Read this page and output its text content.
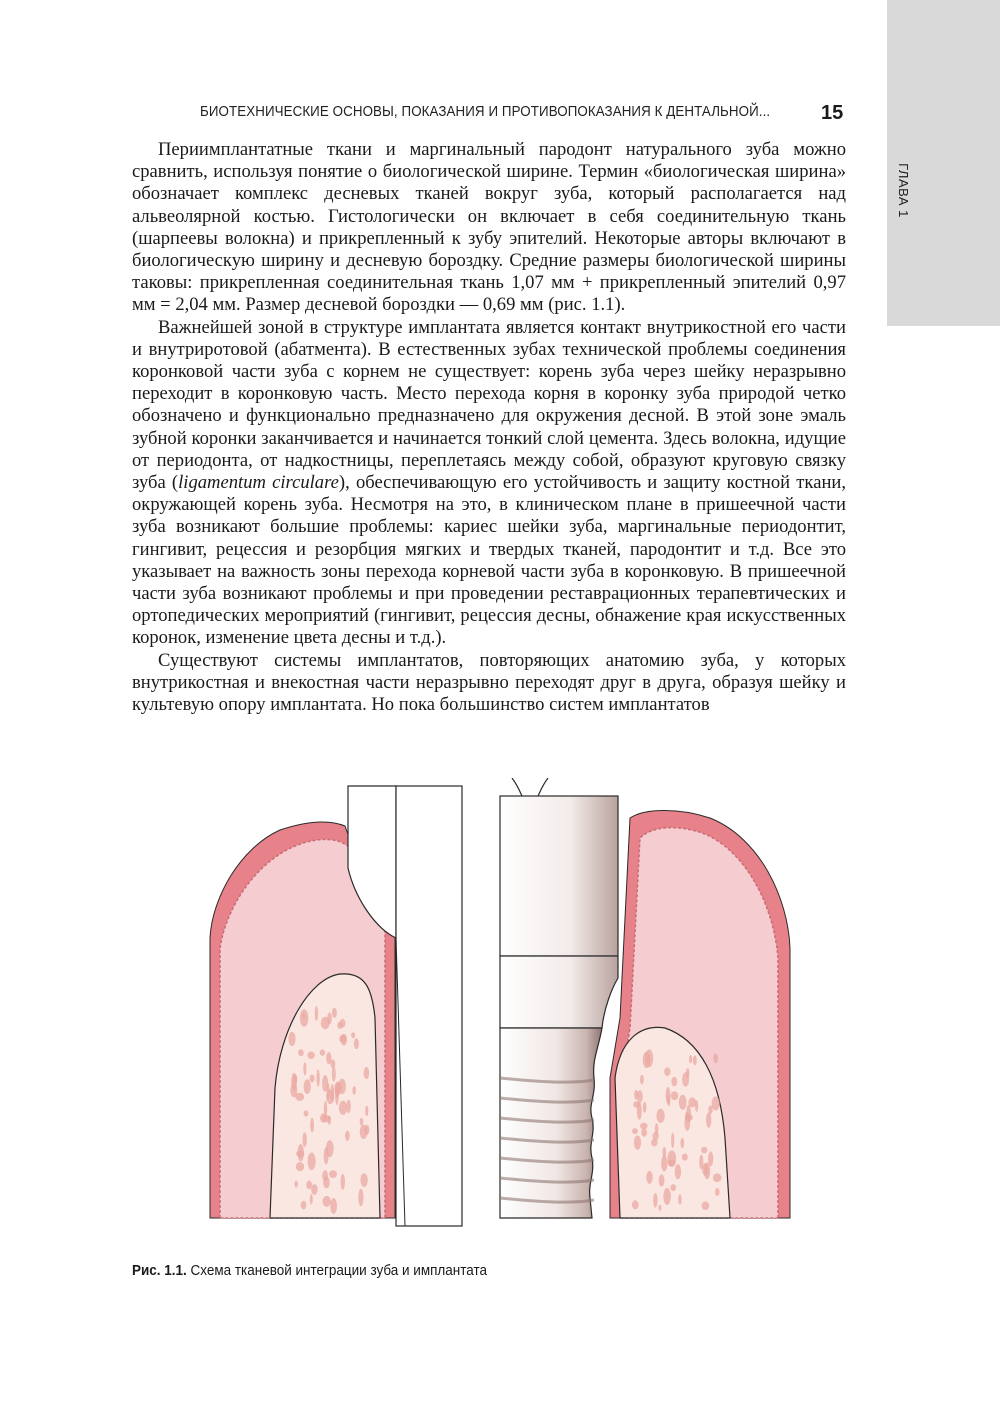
ГЛАВА 1
БИОТЕХНИЧЕСКИЕ ОСНОВЫ, ПОКАЗАНИЯ И ПРОТИВОПОКАЗАНИЯ К ДЕНТАЛЬНОЙ...	15

Периимплантатные ткани и маргинальный пародонт натурального зуба можно сравнить, используя понятие о биологической ширине. Термин «биологическая ширина» обозначает комплекс десневых тканей вокруг зуба, который располагается над альвеолярной костью. Гистологически он включает в себя соединительную ткань (шарпеевы волокна) и прикрепленный к зубу эпителий. Некоторые авторы включают в биологическую ширину и десневую бороздку. Средние размеры биологической ширины таковы: прикрепленная соединительная ткань 1,07 мм + прикрепленный эпителий 0,97 мм = 2,04 мм. Размер десневой бороздки — 0,69 мм (рис. 1.1).

Важнейшей зоной в структуре имплантата является контакт внутрикостной его части и внутриротовой (абатмента). В естественных зубах технической проблемы соединения коронковой части зуба с корнем не существует: корень зуба через шейку неразрывно переходит в коронковую часть. Место перехода корня в коронку зуба природой четко обозначено и функционально предназначено для окружения десной. В этой зоне эмаль зубной коронки заканчивается и начинается тонкий слой цемента. Здесь волокна, идущие от периодонта, от надкостницы, переплетаясь между собой, образуют круговую связку зуба (ligamentum circulare), обеспечивающую его устойчивость и защиту костной ткани, окружающей корень зуба. Несмотря на это, в клиническом плане в пришеечной части зуба возникают большие проблемы: кариес шейки зуба, маргинальные периодонтит, гингивит, рецессия и резорбция мягких и твердых тканей, пародонтит и т.д. Все это указывает на важность зоны перехода корневой части зуба в коронковую. В пришеечной части зуба возникают проблемы и при проведении реставрационных терапевтических и ортопедических мероприятий (гингивит, рецессия десны, обнажение края искусственных коронок, изменение цвета десны и т.д.).

Существуют системы имплантатов, повторяющих анатомию зуба, у которых внутрикостная и внекостная части неразрывно переходят друг в друга, образуя шейку и культевую опору имплантата. Но пока большинство систем имплантатов

Рис. 1.1. Схема тканевой интеграции зуба и имплантата
